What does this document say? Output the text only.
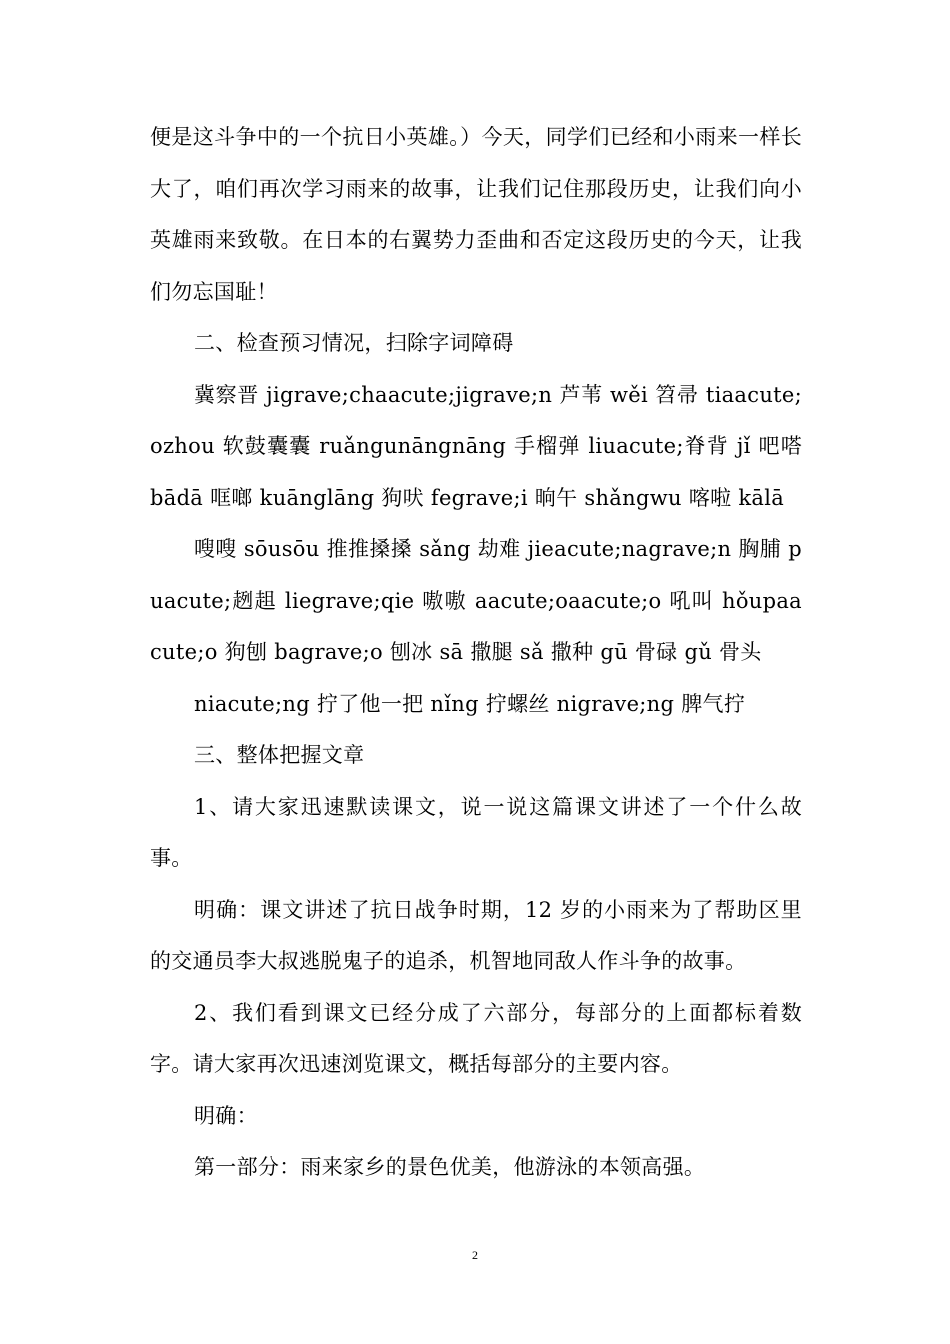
便是这斗争中的一个抗日小英雄。）今天，同学们已经和小雨来一样长大了，咱们再次学习雨来的故事，让我们记住那段历史，让我们向小英雄雨来致敬。在日本的右翼势力歪曲和否定这段历史的今天，让我们勿忘国耻！

二、检查预习情况，扫除字词障碍

冀察晋 jigrave;chaacute;jigrave;n 芦苇 wěi 笤帚 tiaacute;ozhou 软鼓囊囊 ruǎngunāngnāng 手榴弹 liuacute;脊背 jǐ 吧嗒 bādā 哐啷 kuānglāng 狗吠 fegrave;i 晌午 shǎngwu 喀啦 kālā

嗖嗖 sōusōu 推推搡搡 sǎng 劫难 jieacute;nagrave;n 胸脯 puacute;趔趄 liegrave;qie 嗷嗷 aacute;oaacute;o 吼叫 hǒupaacute;o 狗刨 bagrave;o 刨冰 sā 撒腿 sǎ 撒种 gū 骨碌 gǔ 骨头

niacute;ng 拧了他一把 nǐng 拧螺丝 nigrave;ng 脾气拧

三、整体把握文章

1、请大家迅速默读课文，说一说这篇课文讲述了一个什么故事。

明确：课文讲述了抗日战争时期，12 岁的小雨来为了帮助区里的交通员李大叔逃脱鬼子的追杀，机智地同敌人作斗争的故事。

2、我们看到课文已经分成了六部分，每部分的上面都标着数字。请大家再次迅速浏览课文，概括每部分的主要内容。

明确：

第一部分：雨来家乡的景色优美，他游泳的本领高强。

2
